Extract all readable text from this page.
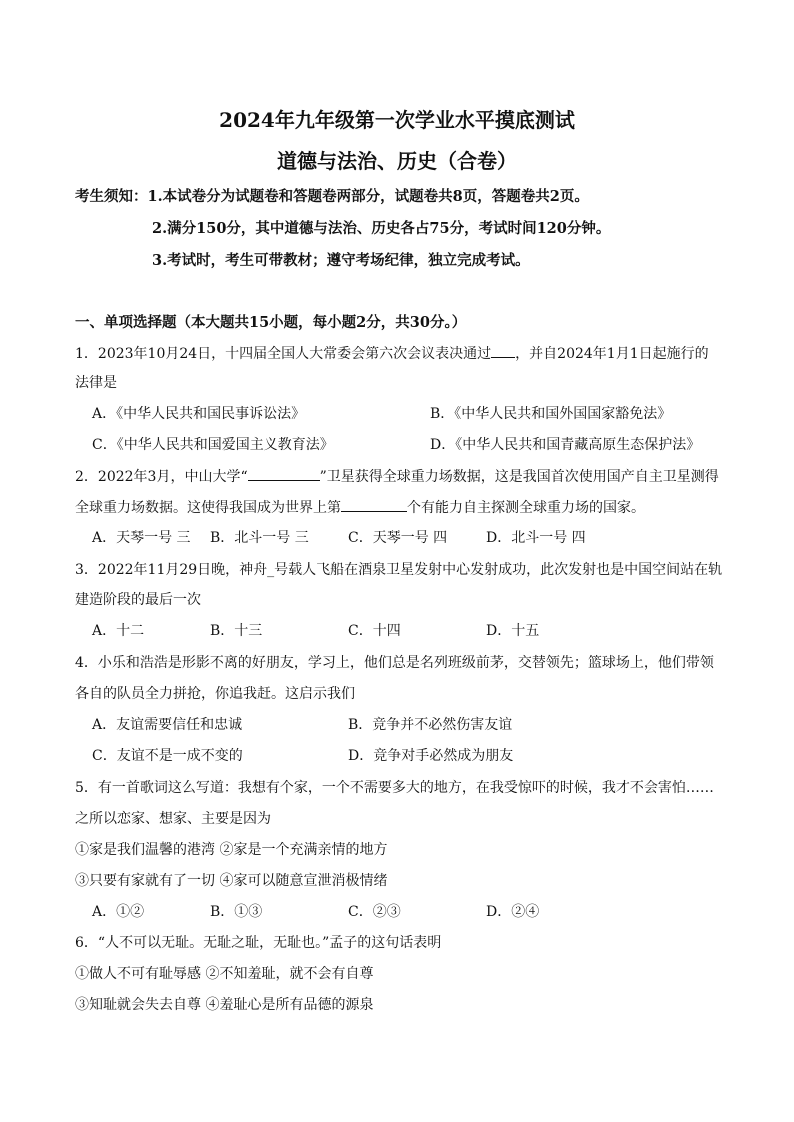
2024年九年级第一次学业水平摸底测试
道德与法治、历史（合卷）
考生须知：1.本试卷分为试题卷和答题卷两部分，试题卷共8页，答题卷共2页。
2.满分150分，其中道德与法治、历史各占75分，考试时间120分钟。
3.考试时，考生可带教材；遵守考场纪律，独立完成考试。
一、单项选择题（本大题共15小题，每小题2分，共30分。）
1．2023年10月24日，十四届全国人大常委会第六次会议表决通过 ，并自2024年1月1日起施行的
法律是
A．《中华人民共和国民事诉讼法》	B．《中华人民共和国外国国家豁免法》
C．《中华人民共和国爱国主义教育法》	D．《中华人民共和国青藏高原生态保护法》
2．2022年3月，中山大学“	”卫星获得全球重力场数据，这是我国首次使用国产自主卫星测得
全球重力场数据。这使得我国成为世界上第	个有能力自主探测全球重力场的国家。
A．天琴一号 三 B．北斗一号 三	C．天琴一号 四	D．北斗一号 四
3．2022年11月29日晚，神舟_号载人飞船在酒泉卫星发射中心发射成功，此次发射也是中国空间站在轨
建造阶段的最后一次
A．十二	B．十三	C．十四	D．十五
4．小乐和浩浩是形影不离的好朋友，学习上，他们总是名列班级前茅，交替领先；篮球场上，他们带领
各自的队员全力拼抢，你追我赶。这启示我们
A．友谊需要信任和忠诚	B．竞争并不必然伤害友谊
C．友谊不是一成不变的	D．竞争对手必然成为朋友
5．有一首歌词这么写道：我想有个家，一个不需要多大的地方，在我受惊吓的时候，我才不会害怕……
之所以恋家、想家、主要是因为
①家是我们温馨的港湾 ②家是一个充满亲情的地方
③只要有家就有了一切 ④家可以随意宣泄消极情绪
A．①②	B．①③	C．②③	D．②④
6．“人不可以无耻。无耻之耻，无耻也。”孟子的这句话表明
①做人不可有耻辱感 ②不知羞耻，就不会有自尊
③知耻就会失去自尊 ④羞耻心是所有品德的源泉
